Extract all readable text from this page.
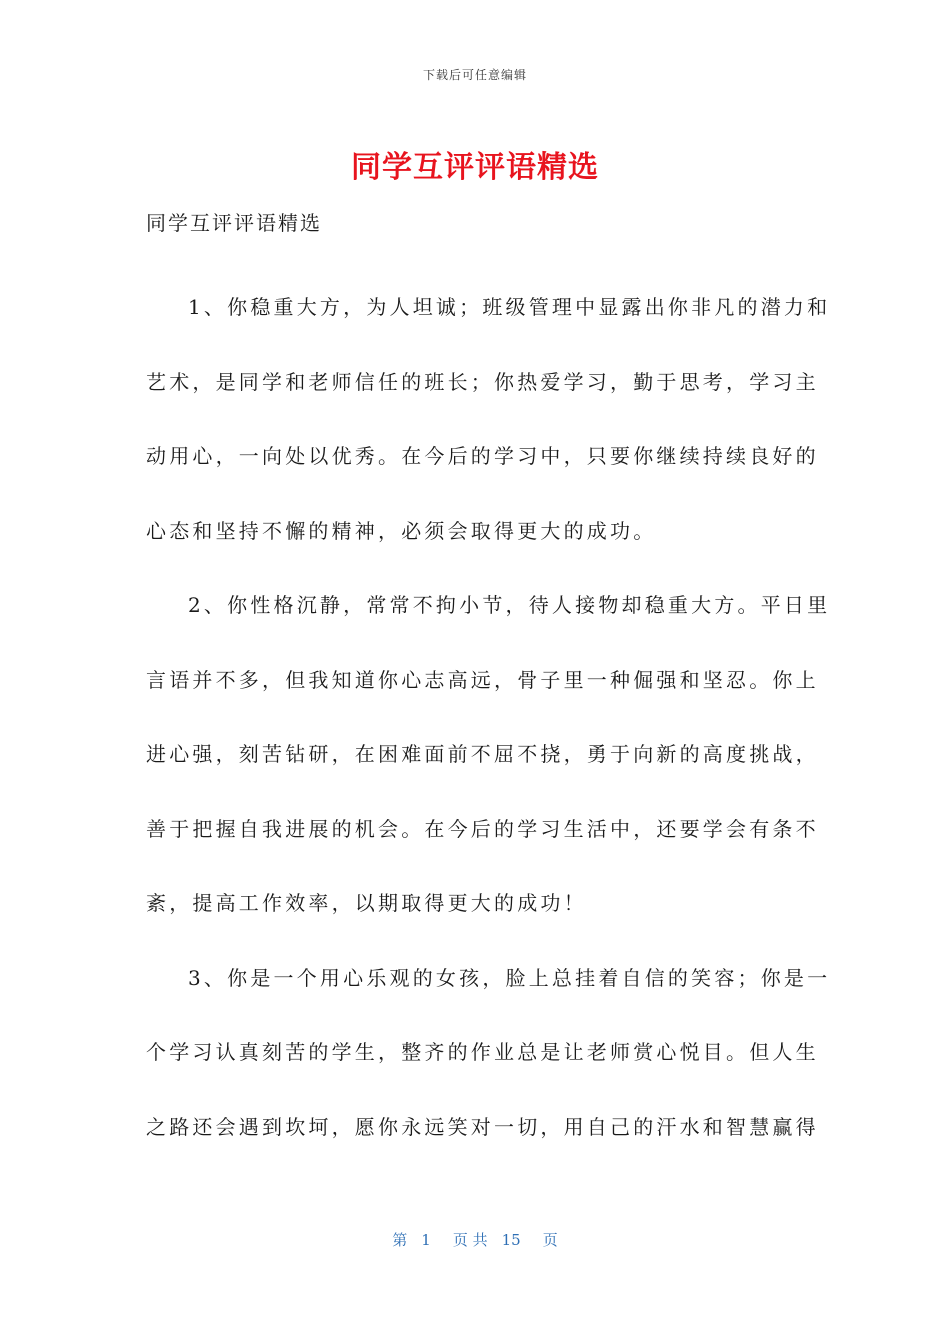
下载后可任意编辑
同学互评评语精选
同学互评评语精选
1、你稳重大方，为人坦诚；班级管理中显露出你非凡的潜力和
艺术，是同学和老师信任的班长；你热爱学习，勤于思考，学习主
动用心，一向处以优秀。在今后的学习中，只要你继续持续良好的
心态和坚持不懈的精神，必须会取得更大的成功。
2、你性格沉静，常常不拘小节，待人接物却稳重大方。平日里
言语并不多，但我知道你心志高远，骨子里一种倔强和坚忍。你上
进心强，刻苦钻研，在困难面前不屈不挠，勇于向新的高度挑战，
善于把握自我进展的机会。在今后的学习生活中，还要学会有条不
紊，提高工作效率，以期取得更大的成功！
3、你是一个用心乐观的女孩，脸上总挂着自信的笑容；你是一
个学习认真刻苦的学生，整齐的作业总是让老师赏心悦目。但人生
之路还会遇到坎坷，愿你永远笑对一切，用自己的汗水和智慧赢得
第 1 页 共 15 页
